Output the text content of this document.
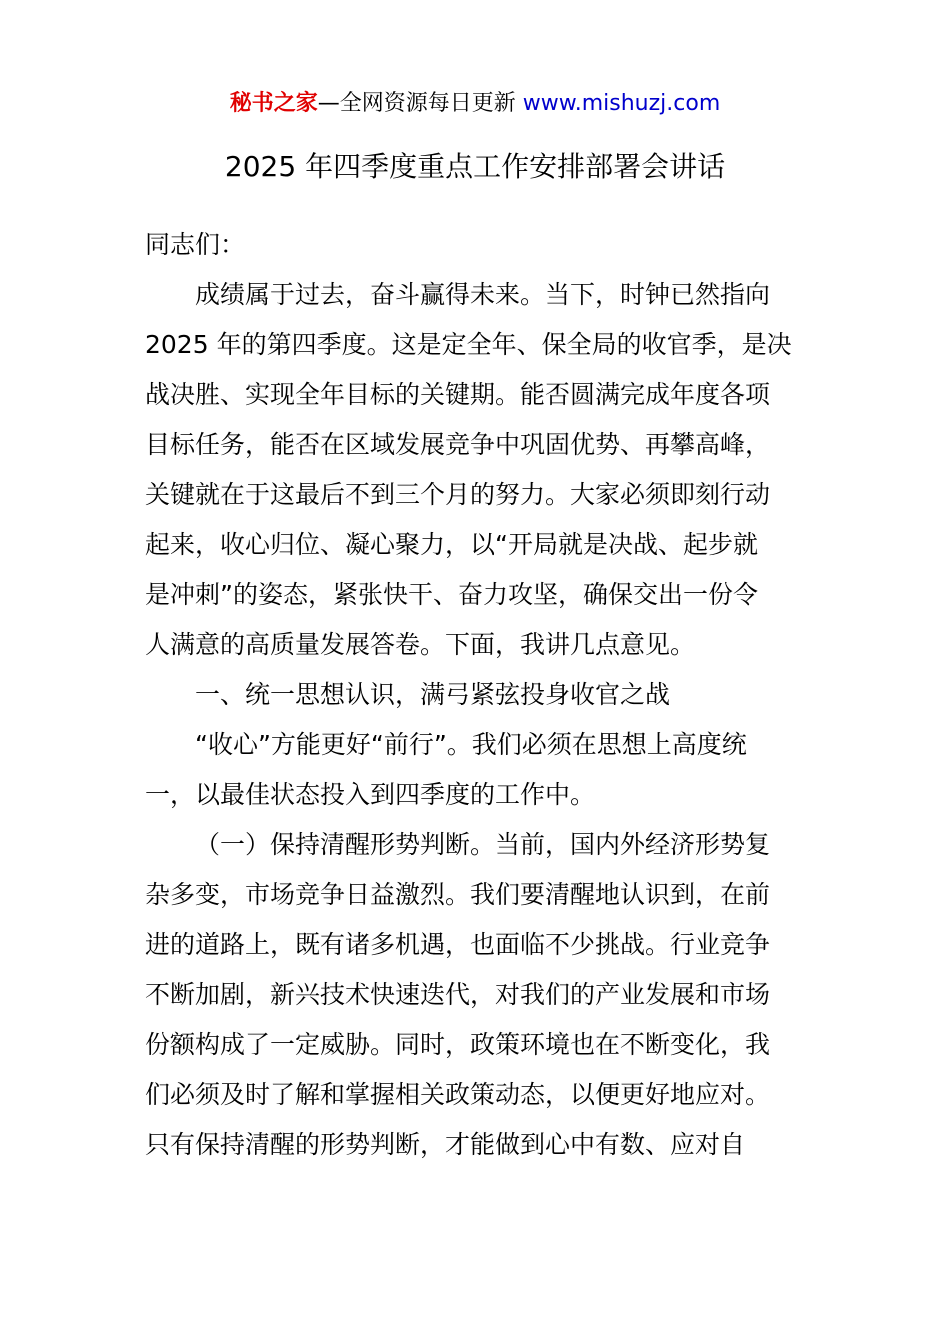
秘书之家—全网资源每日更新 www.mishuzj.com
2025 年四季度重点工作安排部署会讲话
同志们：
成绩属于过去，奋斗赢得未来。当下，时钟已然指向
2025 年的第四季度。这是定全年、保全局的收官季，是决
战决胜、实现全年目标的关键期。能否圆满完成年度各项
目标任务，能否在区域发展竞争中巩固优势、再攀高峰，
关键就在于这最后不到三个月的努力。大家必须即刻行动
起来，收心归位、凝心聚力，以“开局就是决战、起步就
是冲刺”的姿态，紧张快干、奋力攻坚，确保交出一份令
人满意的高质量发展答卷。下面，我讲几点意见。
一、统一思想认识，满弓紧弦投身收官之战
“收心”方能更好“前行”。我们必须在思想上高度统
一，以最佳状态投入到四季度的工作中。
（一）保持清醒形势判断。当前，国内外经济形势复
杂多变，市场竞争日益激烈。我们要清醒地认识到，在前
进的道路上，既有诸多机遇，也面临不少挑战。行业竞争
不断加剧，新兴技术快速迭代，对我们的产业发展和市场
份额构成了一定威胁。同时，政策环境也在不断变化，我
们必须及时了解和掌握相关政策动态，以便更好地应对。
只有保持清醒的形势判断，才能做到心中有数、应对自
